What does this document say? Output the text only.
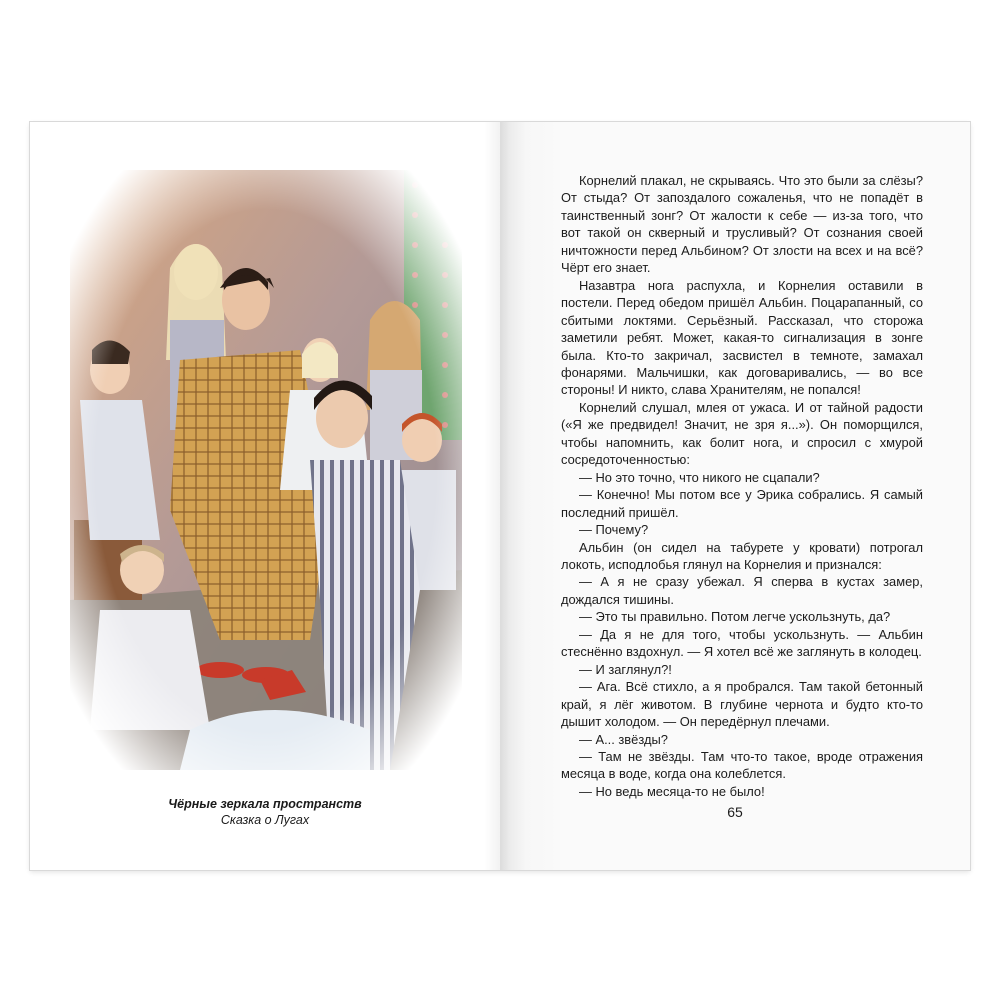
Чёрные зеркала пространств
Сказка о Лугах

Корнелий плакал, не скрываясь. Что это были за слёзы? От стыда? От запоздалого сожаленья, что не попадёт в таинственный зонг? От жалости к себе — из-за того, что вот такой он скверный и трусливый? От сознания своей ничтожности перед Альбином? От злости на всех и на всё? Чёрт его знает.

Назавтра нога распухла, и Корнелия оставили в постели. Перед обедом пришёл Альбин. Поцарапанный, со сбитыми локтями. Серьёзный. Рассказал, что сторожа заметили ребят. Может, какая-то сигнализация в зонге была. Кто-то закричал, засвистел в темноте, замахал фонарями. Мальчишки, как договаривались, — во все стороны! И никто, слава Хранителям, не попался!

Корнелий слушал, млея от ужаса. И от тайной радости («Я же предвидел! Значит, не зря я...»). Он поморщился, чтобы напомнить, как болит нога, и спросил с хмурой сосредоточенностью:

— Но это точно, что никого не сцапали?

— Конечно! Мы потом все у Эрика собрались. Я самый последний пришёл.

— Почему?

Альбин (он сидел на табурете у кровати) потрогал локоть, исподлобья глянул на Корнелия и признался:

— А я не сразу убежал. Я сперва в кустах замер, дождался тишины.

— Это ты правильно. Потом легче ускользнуть, да?

— Да я не для того, чтобы ускользнуть. — Альбин стеснённо вздохнул. — Я хотел всё же заглянуть в колодец.

— И заглянул?!

— Ага. Всё стихло, а я пробрался. Там такой бетонный край, я лёг животом. В глубине чернота и будто кто-то дышит холодом. — Он передёрнул плечами.

— А... звёзды?

— Там не звёзды. Там что-то такое, вроде отражения месяца в воде, когда она колеблется.

— Но ведь месяца-то не было!

65
